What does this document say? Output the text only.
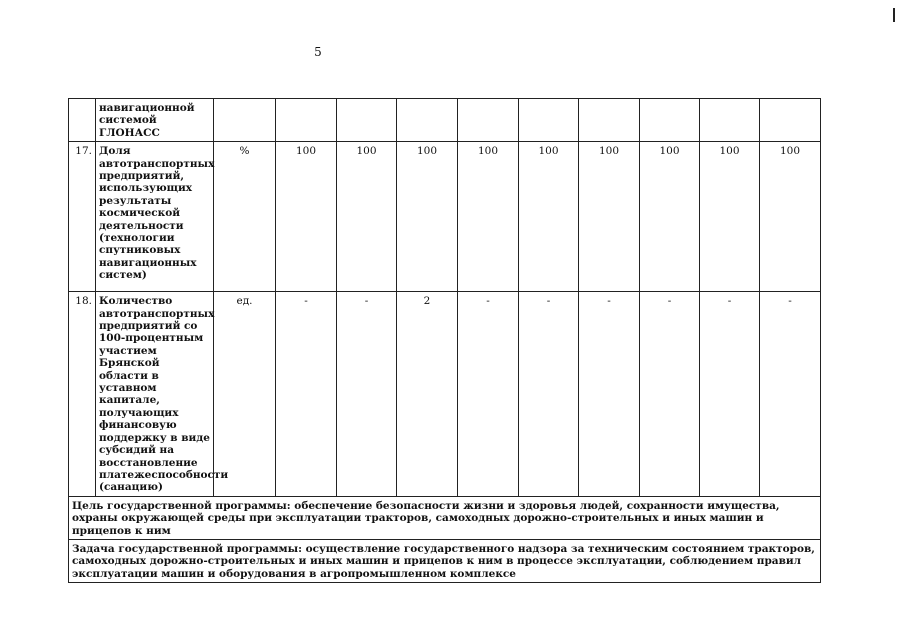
5
	навигационной системой ГЛОНАСС										
17.	Доля автотранспортных предприятий, использующих результаты космической деятельности (технологии спутниковых навигационных систем)	%	100	100	100	100	100	100	100	100	100
18.	Количество автотранспортных предприятий со 100-процентным участием Брянской области в уставном капитале, получающих финансовую поддержку в виде субсидий на восстановление платежеспособности (санацию)	ед.	-	-	2	-	-	-	-	-	-
Цель государственной программы: обеспечение безопасности жизни и здоровья людей, сохранности имущества, охраны окружающей среды при эксплуатации тракторов, самоходных дорожно-строительных и иных машин и прицепов к ним											
Задача государственной программы: осуществление государственного надзора за техническим состоянием тракторов, самоходных дорожно-строительных и иных машин и прицепов к ним в процессе эксплуатации, соблюдением правил эксплуатации машин и оборудования в агропромышленном комплексе											
